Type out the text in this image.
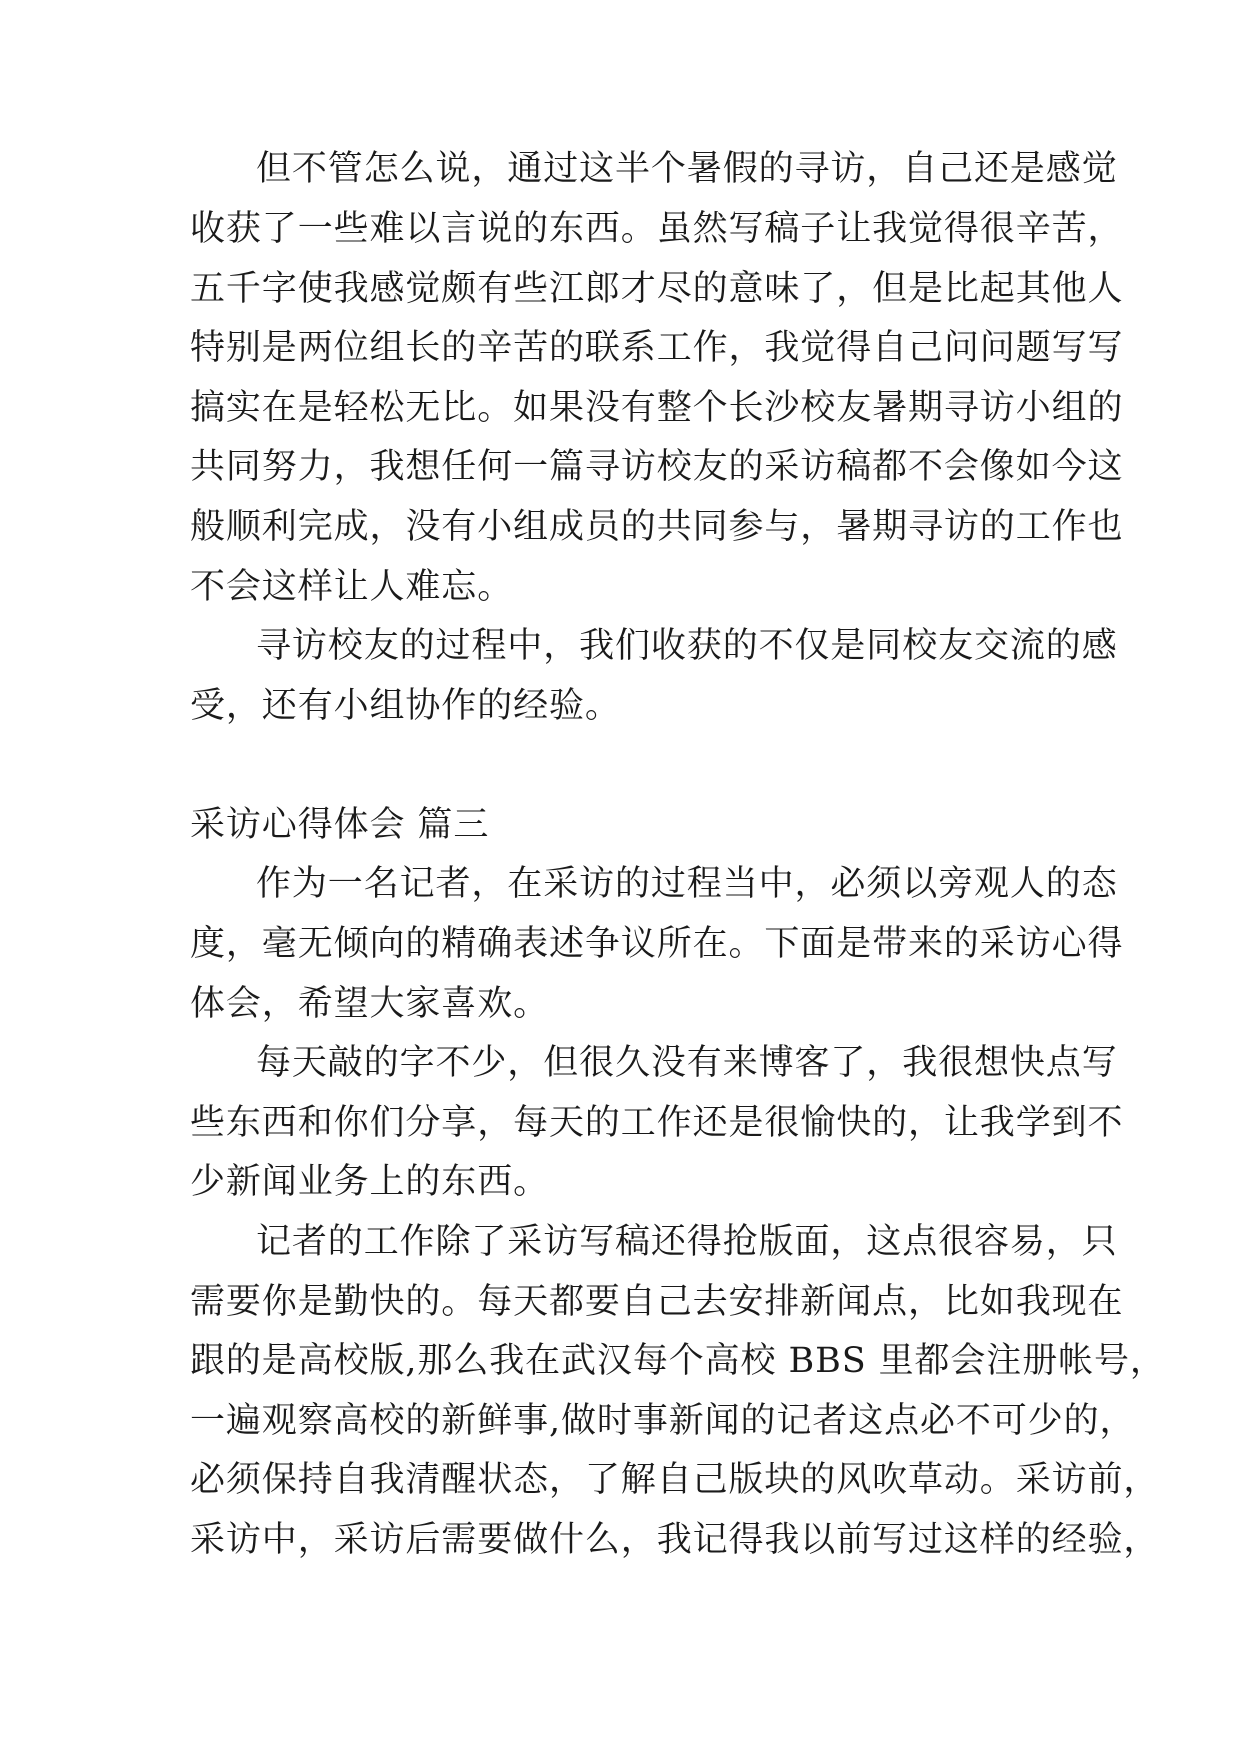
但不管怎么说，通过这半个暑假的寻访，自己还是感觉
收获了一些难以言说的东西。虽然写稿子让我觉得很辛苦，
五千字使我感觉颇有些江郎才尽的意味了，但是比起其他人
特别是两位组长的辛苦的联系工作，我觉得自己问问题写写
搞实在是轻松无比。如果没有整个长沙校友暑期寻访小组的
共同努力，我想任何一篇寻访校友的采访稿都不会像如今这
般顺利完成，没有小组成员的共同参与，暑期寻访的工作也
不会这样让人难忘。
寻访校友的过程中，我们收获的不仅是同校友交流的感
受，还有小组协作的经验。
采访心得体会 篇三
作为一名记者，在采访的过程当中，必须以旁观人的态
度，毫无倾向的精确表述争议所在。下面是带来的采访心得
体会，希望大家喜欢。
每天敲的字不少，但很久没有来博客了，我很想快点写
些东西和你们分享，每天的工作还是很愉快的，让我学到不
少新闻业务上的东西。
记者的工作除了采访写稿还得抢版面，这点很容易，只
需要你是勤快的。每天都要自己去安排新闻点，比如我现在
跟的是高校版,那么我在武汉每个高校 BBS 里都会注册帐号，
一遍观察高校的新鲜事,做时事新闻的记者这点必不可少的，
必须保持自我清醒状态，了解自己版块的风吹草动。采访前，
采访中，采访后需要做什么，我记得我以前写过这样的经验，
